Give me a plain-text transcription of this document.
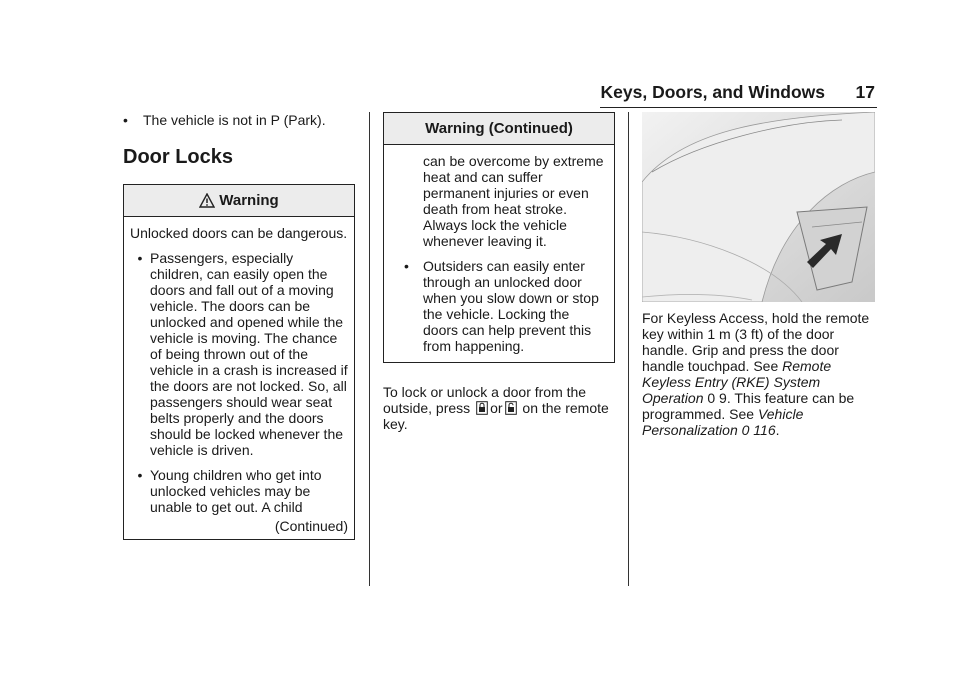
Keys, Doors, and Windows 17
•	The vehicle is not in P (Park).
Door Locks
Warning
Unlocked doors can be dangerous.
• Passengers, especially children, can easily open the doors and fall out of a moving vehicle. The doors can be unlocked and opened while the vehicle is moving. The chance of being thrown out of the vehicle in a crash is increased if the doors are not locked. So, all passengers should wear seat belts properly and the doors should be locked whenever the vehicle is driven.
• Young children who get into unlocked vehicles may be unable to get out. A child
(Continued)
Warning (Continued)
can be overcome by extreme heat and can suffer permanent injuries or even death from heat stroke. Always lock the vehicle whenever leaving it.
•	Outsiders can easily enter through an unlocked door when you slow down or stop the vehicle. Locking the doors can help prevent this from happening.
To lock or unlock a door from the outside, press or on the remote key.
For Keyless Access, hold the remote key within 1 m (3 ft) of the door handle. Grip and press the door handle touchpad. See Remote Keyless Entry (RKE) System Operation 0 9. This feature can be programmed. See Vehicle Personalization 0 116.
